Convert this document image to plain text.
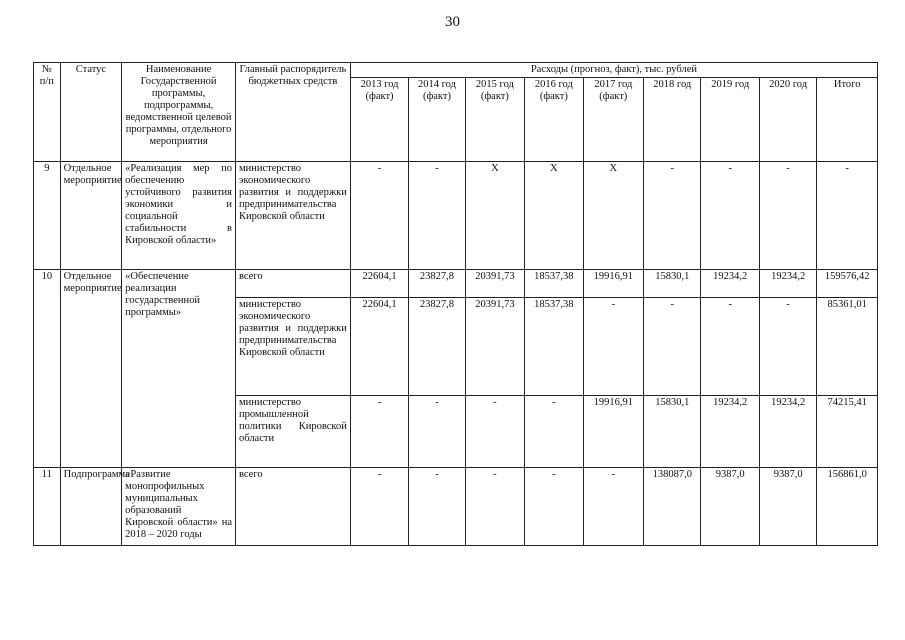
30
№ п/п	Статус	Наименование Государственной программы, подпрограммы, ведомственной целевой программы, отдельного мероприятия	Главный распорядитель бюджетных средств	Расходы (прогноз, факт), тыс. рублей								
				2013 год (факт)	2014 год (факт)	2015 год (факт)	2016 год (факт)	2017 год (факт)	2018 год	2019 год	2020 год	Итого
9	Отдельное мероприятие	«Реализация мер по обеспечению устойчивого развития экономики и социальной стабильности в Кировской области»	министерство экономического развития и поддержки предпринимательства Кировской области	-	-	Х	Х	Х	-	-	-	-
10	Отдельное мероприятие	«Обеспечение реализации государственной программы»	всего	22604,1	23827,8	20391,73	18537,38	19916,91	15830,1	19234,2	19234,2	159576,42
			министерство экономического развития и поддержки предпринимательства Кировской области	22604,1	23827,8	20391,73	18537,38	-	-	-	-	85361,01
			министерство промышленной политики Кировской области	-	-	-	-	19916,91	15830,1	19234,2	19234,2	74215,41
11	Подпрограмма	«Развитие монопрофильных муниципальных образований Кировской области» на 2018 – 2020 годы	всего	-	-	-	-	-	138087,0	9387,0	9387,0	156861,0
